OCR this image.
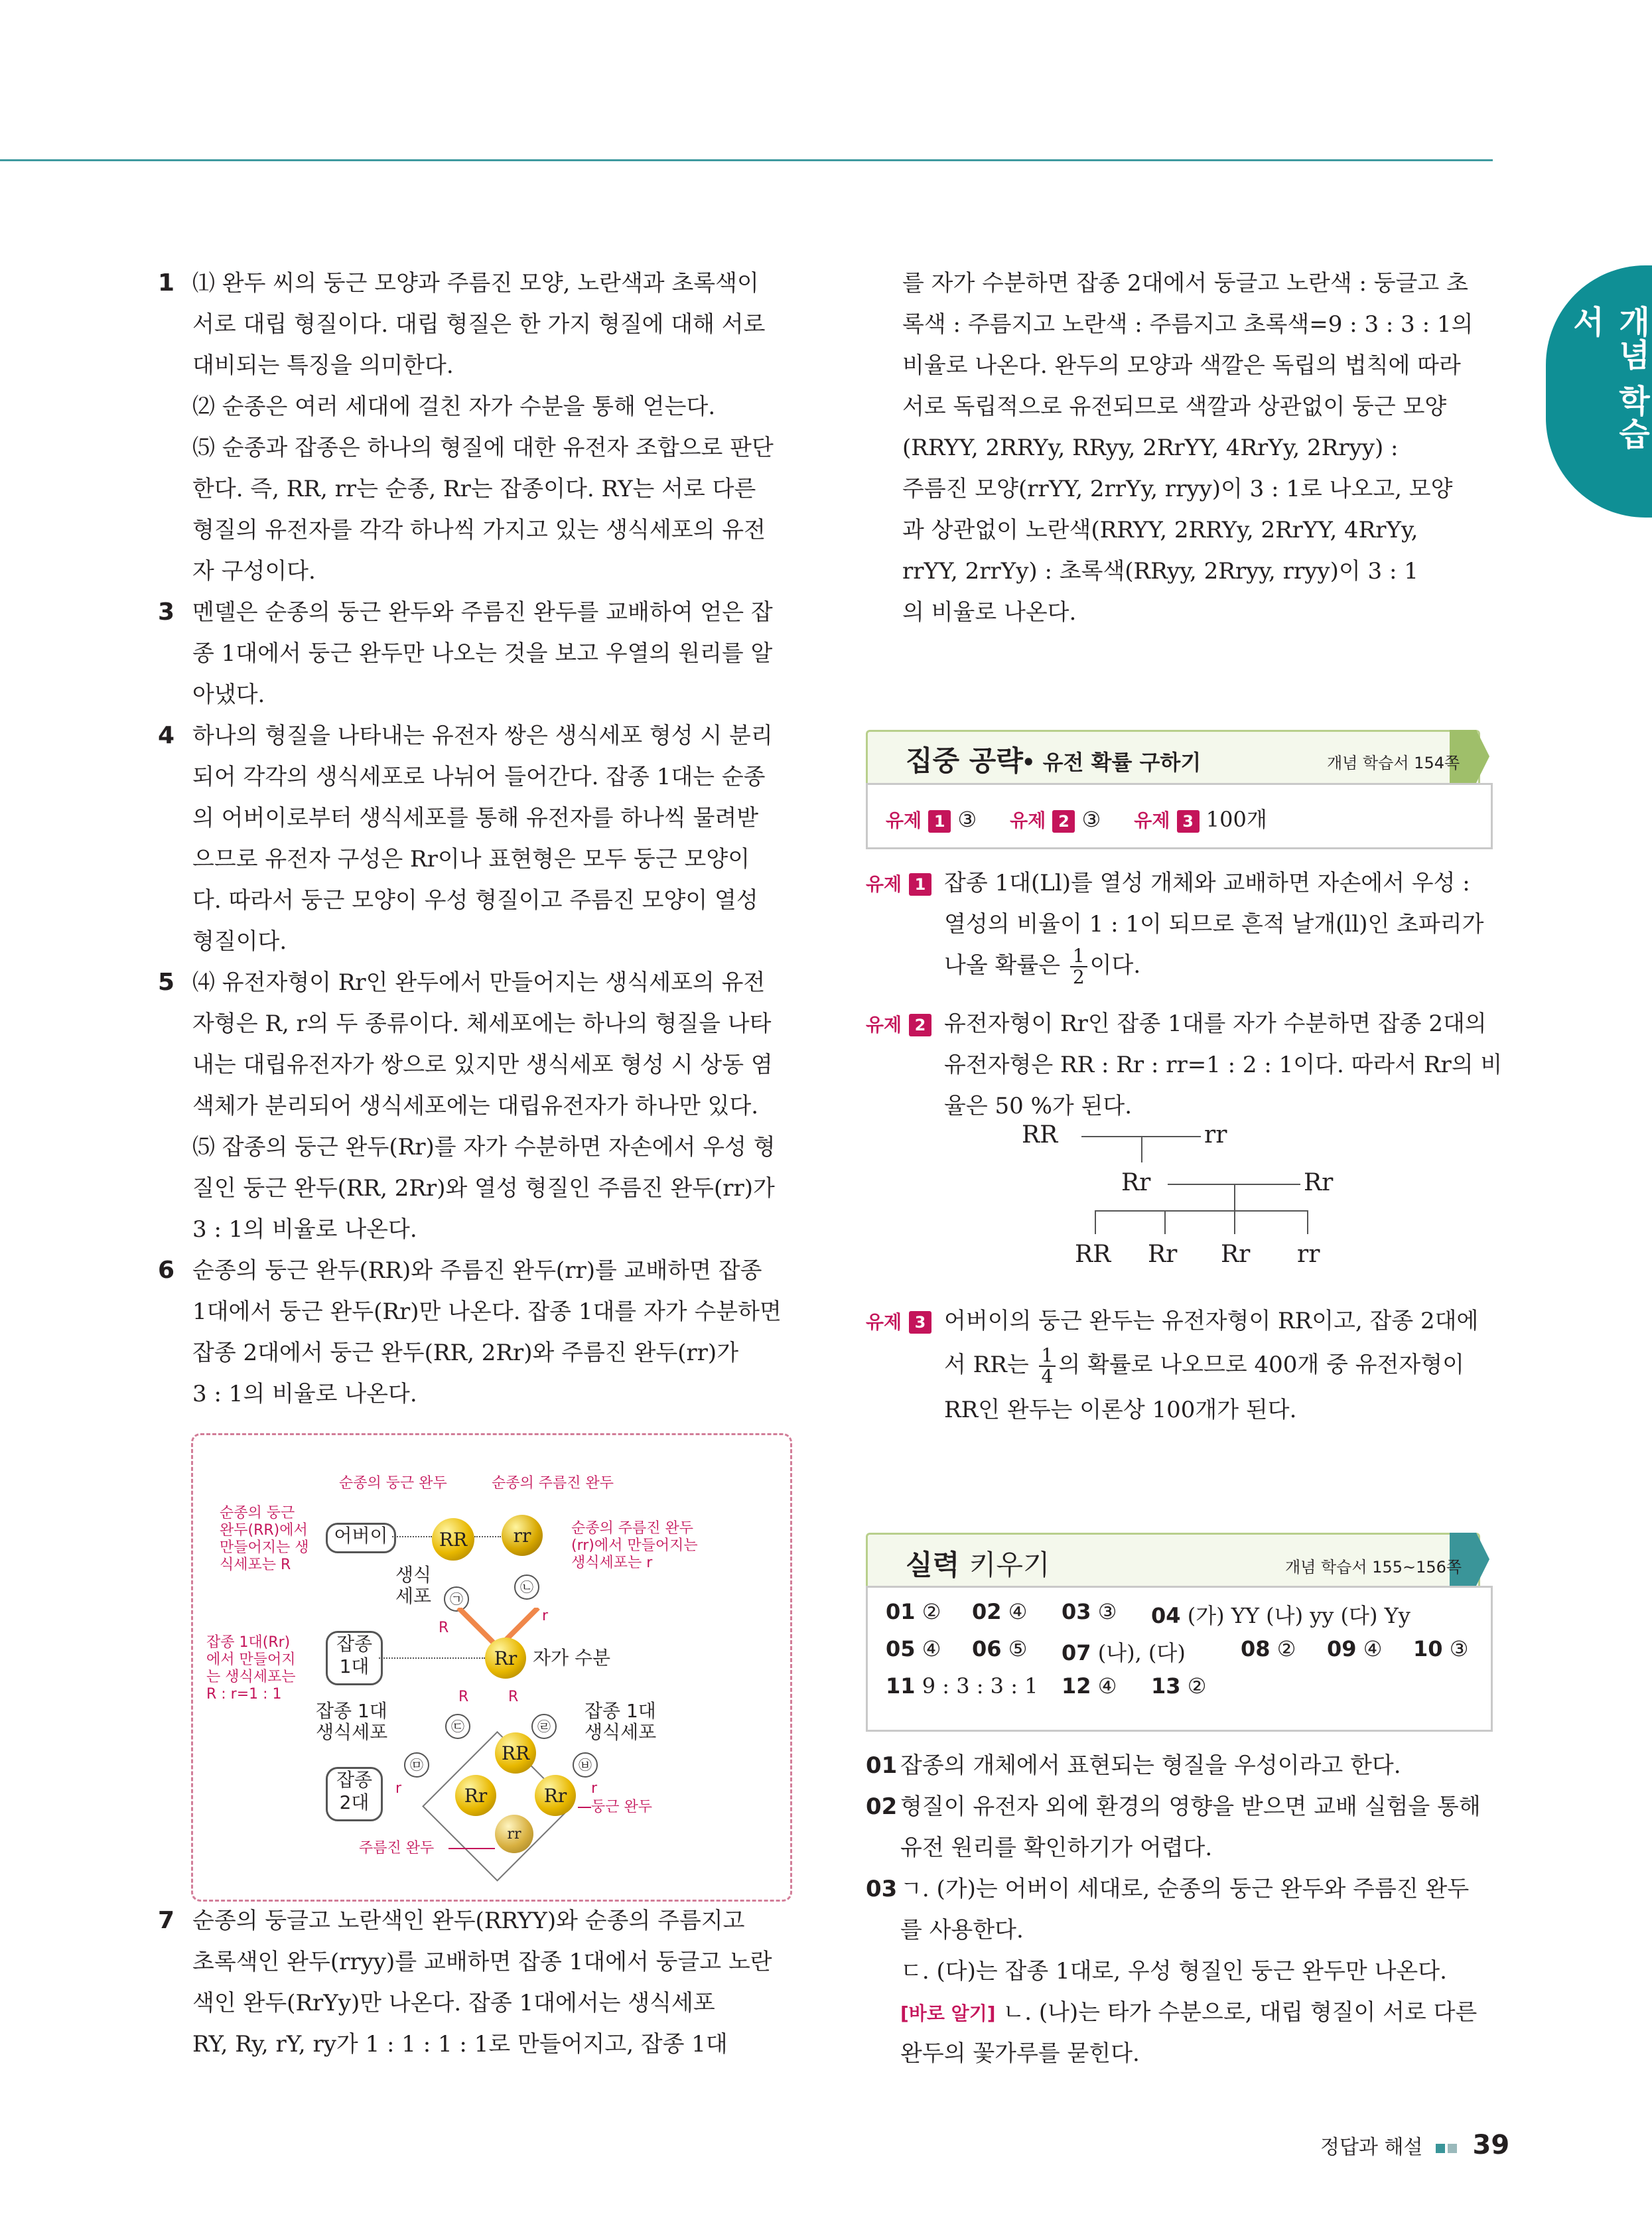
개념 학습서
1 ⑴ 완두 씨의 둥근 모양과 주름진 모양, 노란색과 초록색이
서로 대립 형질이다. 대립 형질은 한 가지 형질에 대해 서로
대비되는 특징을 의미한다.
⑵ 순종은 여러 세대에 걸친 자가 수분을 통해 얻는다.
⑸ 순종과 잡종은 하나의 형질에 대한 유전자 조합으로 판단
한다. 즉, RR, rr는 순종, Rr는 잡종이다. RY는 서로 다른
형질의 유전자를 각각 하나씩 가지고 있는 생식세포의 유전
자 구성이다.
3 멘델은 순종의 둥근 완두와 주름진 완두를 교배하여 얻은 잡
종 1대에서 둥근 완두만 나오는 것을 보고 우열의 원리를 알
아냈다.
4 하나의 형질을 나타내는 유전자 쌍은 생식세포 형성 시 분리
되어 각각의 생식세포로 나뉘어 들어간다. 잡종 1대는 순종
의 어버이로부터 생식세포를 통해 유전자를 하나씩 물려받
으므로 유전자 구성은 Rr이나 표현형은 모두 둥근 모양이
다. 따라서 둥근 모양이 우성 형질이고 주름진 모양이 열성
형질이다.
5 ⑷ 유전자형이 Rr인 완두에서 만들어지는 생식세포의 유전
자형은 R, r의 두 종류이다. 체세포에는 하나의 형질을 나타
내는 대립유전자가 쌍으로 있지만 생식세포 형성 시 상동 염
색체가 분리되어 생식세포에는 대립유전자가 하나만 있다.
⑸ 잡종의 둥근 완두(Rr)를 자가 수분하면 자손에서 우성 형
질인 둥근 완두(RR, 2Rr)와 열성 형질인 주름진 완두(rr)가
3 : 1의 비율로 나온다.
6 순종의 둥근 완두(RR)와 주름진 완두(rr)를 교배하면 잡종
1대에서 둥근 완두(Rr)만 나온다. 잡종 1대를 자가 수분하면
잡종 2대에서 둥근 완두(RR, 2Rr)와 주름진 완두(rr)가
3 : 1의 비율로 나온다.
7 순종의 둥글고 노란색인 완두(RRYY)와 순종의 주름지고
초록색인 완두(rryy)를 교배하면 잡종 1대에서 둥글고 노란
색인 완두(RrYy)만 나온다. 잡종 1대에서는 생식세포
RY, Ry, rY, ry가 1 : 1 : 1 : 1로 만들어지고, 잡종 1대
순종의 둥근 완두	순종의 주름진 완두
순종의 둥근
완두(RR)에서
만들어지는 생
식세포는 R
순종의 주름진 완두
(rr)에서 만들어지는
생식세포는 r
어버이	RR	rr
생식
세포	㉠
㉡
R
r
잡종 1대(Rr)
에서 만들어지
는 생식세포는
R : r=1 : 1
잡종
1대	Rr 자가 수분
잡종 1대
생식세포
잡종 1대
생식세포
R	R
㉢	㉣
㉤	㉥
r	r
RR
Rr	Rr
rr
잡종
2대	둥근 완두
주름진 완두
를 자가 수분하면 잡종 2대에서 둥글고 노란색 : 둥글고 초
록색 : 주름지고 노란색 : 주름지고 초록색=9 : 3 : 3 : 1의
비율로 나온다. 완두의 모양과 색깔은 독립의 법칙에 따라
서로 독립적으로 유전되므로 색깔과 상관없이 둥근 모양
(RRYY, 2RRYy, RRyy, 2RrYY, 4RrYy, 2Rryy) :
주름진 모양(rrYY, 2rrYy, rryy)이 3 : 1로 나오고, 모양
과 상관없이 노란색(RRYY, 2RRYy, 2RrYY, 4RrYy,
rrYY, 2rrYy) : 초록색(RRyy, 2Rryy, rryy)이 3 : 1
의 비율로 나온다.
집중 공략
• 유전 확률 구하기	개념 학습서 154쪽
유제 1 ③ 유제 2 ③ 유제 3 100개
유제 1 잡종 1대(Ll)를 열성 개체와 교배하면 자손에서 우성 :
열성의 비율이 1 : 1이 되므로 흔적 날개(ll)인 초파리가
나올 확률은 $\frac{1}{2}$ 이다.
유제 2 유전자형이 Rr인 잡종 1대를 자가 수분하면 잡종 2대의
유전자형은 RR : Rr : rr=1 : 2 : 1이다. 따라서 Rr의 비
율은 50 %가 된다.
RR	rr
Rr	Rr
RR Rr Rr rr
유제 3 어버이의 둥근 완두는 유전자형이 RR이고, 잡종 2대에
서 RR는 $\frac{1}{4}$ 의 확률로 나오므로 400개 중 유전자형이
RR인 완두는 이론상 100개가 된다.
실력 키우기	개념 학습서 155~156쪽
01 ② 02 ④ 03 ③ 04 (가) YY (나) yy (다) Yy
05 ④ 06 ⑤ 07 (나), (다)	08 ② 09 ④ 10 ③
11 9 : 3 : 3 : 1 12 ④ 13 ②
01 잡종의 개체에서 표현되는 형질을 우성이라고 한다.
02 형질이 유전자 외에 환경의 영향을 받으면 교배 실험을 통해
유전 원리를 확인하기가 어렵다.
03 ㄱ. (가)는 어버이 세대로, 순종의 둥근 완두와 주름진 완두
를 사용한다.
ㄷ. (다)는 잡종 1대로, 우성 형질인 둥근 완두만 나온다.
[바로 알기] ㄴ. (나)는 타가 수분으로, 대립 형질이 서로 다른
완두의 꽃가루를 묻힌다.
정답과 해설 39
